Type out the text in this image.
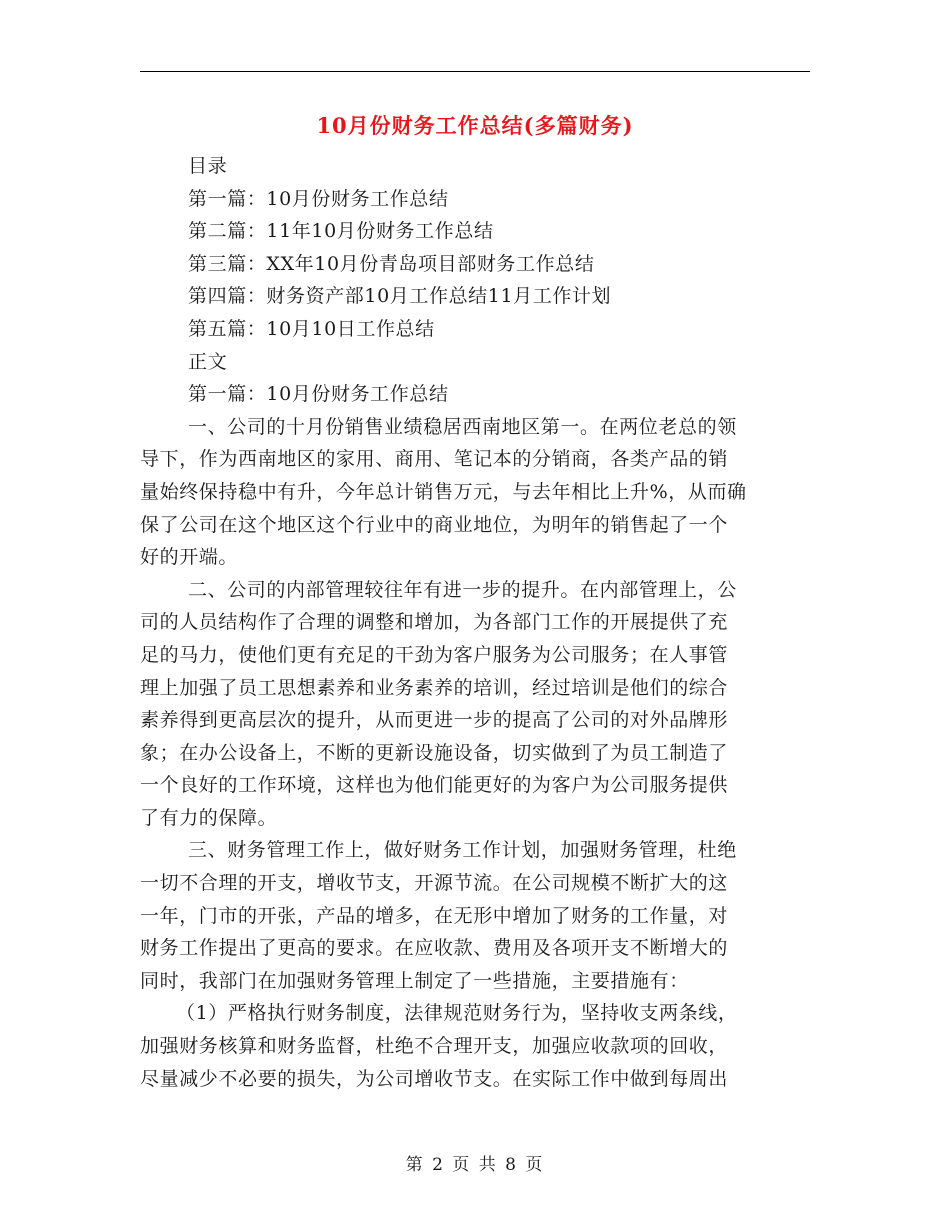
10月份财务工作总结(多篇财务)
目录
第一篇：10月份财务工作总结
第二篇：11年10月份财务工作总结
第三篇：XX年10月份青岛项目部财务工作总结
第四篇：财务资产部10月工作总结11月工作计划
第五篇：10月10日工作总结
正文
第一篇：10月份财务工作总结
一、公司的十月份销售业绩稳居西南地区第一。在两位老总的领
导下，作为西南地区的家用、商用、笔记本的分销商，各类产品的销
量始终保持稳中有升，今年总计销售万元，与去年相比上升%，从而确
保了公司在这个地区这个行业中的商业地位，为明年的销售起了一个
好的开端。
二、公司的内部管理较往年有进一步的提升。在内部管理上，公
司的人员结构作了合理的调整和增加，为各部门工作的开展提供了充
足的马力，使他们更有充足的干劲为客户服务为公司服务；在人事管
理上加强了员工思想素养和业务素养的培训，经过培训是他们的综合
素养得到更高层次的提升，从而更进一步的提高了公司的对外品牌形
象；在办公设备上，不断的更新设施设备，切实做到了为员工制造了
一个良好的工作环境，这样也为他们能更好的为客户为公司服务提供
了有力的保障。
三、财务管理工作上，做好财务工作计划，加强财务管理，杜绝
一切不合理的开支，增收节支，开源节流。在公司规模不断扩大的这
一年，门市的开张，产品的增多，在无形中增加了财务的工作量，对
财务工作提出了更高的要求。在应收款、费用及各项开支不断增大的
同时，我部门在加强财务管理上制定了一些措施，主要措施有：
（1）严格执行财务制度，法律规范财务行为，坚持收支两条线，
加强财务核算和财务监督，杜绝不合理开支，加强应收款项的回收，
尽量减少不必要的损失，为公司增收节支。在实际工作中做到每周出
第 2 页 共 8 页
